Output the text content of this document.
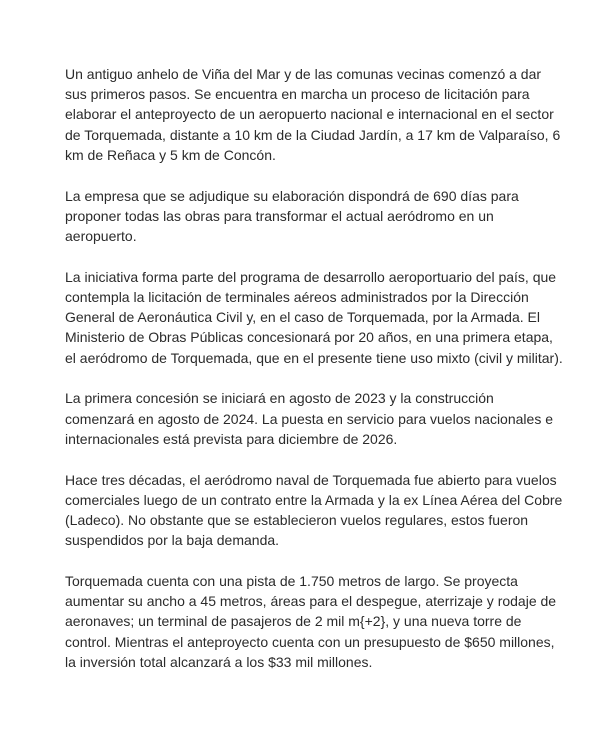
Un antiguo anhelo de Viña del Mar y de las comunas vecinas comenzó a dar sus primeros pasos. Se encuentra en marcha un proceso de licitación para elaborar el anteproyecto de un aeropuerto nacional e internacional en el sector de Torquemada, distante a 10 km de la Ciudad Jardín, a 17 km de Valparaíso, 6 km de Reñaca y 5 km de Concón.

La empresa que se adjudique su elaboración dispondrá de 690 días para proponer todas las obras para transformar el actual aeródromo en un aeropuerto.

La iniciativa forma parte del programa de desarrollo aeroportuario del país, que contempla la licitación de terminales aéreos administrados por la Dirección General de Aeronáutica Civil y, en el caso de Torquemada, por la Armada. El Ministerio de Obras Públicas concesionará por 20 años, en una primera etapa, el aeródromo de Torquemada, que en el presente tiene uso mixto (civil y militar).

La primera concesión se iniciará en agosto de 2023 y la construcción comenzará en agosto de 2024. La puesta en servicio para vuelos nacionales e internacionales está prevista para diciembre de 2026.

Hace tres décadas, el aeródromo naval de Torquemada fue abierto para vuelos comerciales luego de un contrato entre la Armada y la ex Línea Aérea del Cobre (Ladeco). No obstante que se establecieron vuelos regulares, estos fueron suspendidos por la baja demanda.

Torquemada cuenta con una pista de 1.750 metros de largo. Se proyecta aumentar su ancho a 45 metros, áreas para el despegue, aterrizaje y rodaje de aeronaves; un terminal de pasajeros de 2 mil m{+2}, y una nueva torre de control. Mientras el anteproyecto cuenta con un presupuesto de $650 millones, la inversión total alcanzará a los $33 mil millones.
